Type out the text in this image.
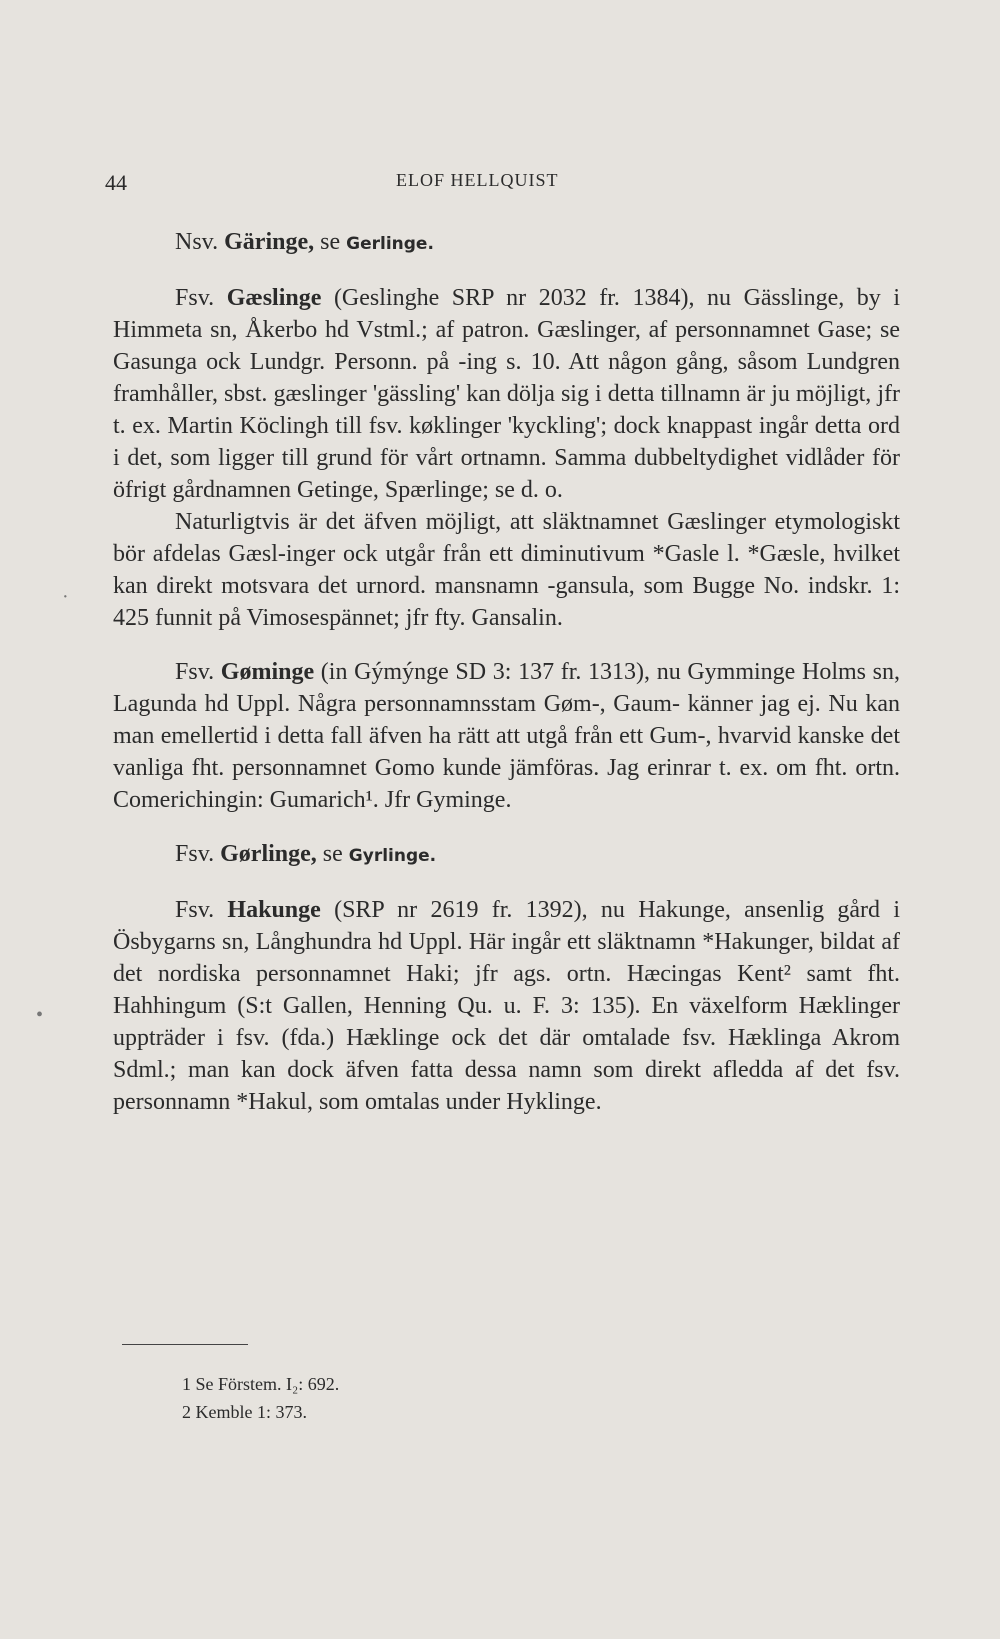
44	ELOF HELLQUIST

Nsv. Gäringe, se Gerlinge.

Fsv. Gæslinge (Geslinghe SRP nr 2032 fr. 1384), nu Gässlinge, by i Himmeta sn, Åkerbo hd Vstml.; af patron. Gæslinger, af personnamnet Gase; se Gasunga ock Lundgr. Personn. på -ing s. 10. Att någon gång, såsom Lundgren framhåller, sbst. gæslinger 'gässling' kan dölja sig i detta tillnamn är ju möjligt, jfr t. ex. Martin Köclingh till fsv. køklinger 'kyckling'; dock knappast ingår detta ord i det, som ligger till grund för vårt ortnamn. Samma dubbeltydighet vidlåder för öfrigt gårdnamnen Getinge, Spærlinge; se d. o.

Naturligtvis är det äfven möjligt, att släktnamnet Gæslinger etymologiskt bör afdelas Gæsl-inger ock utgår från ett diminutivum *Gasle l. *Gæsle, hvilket kan direkt motsvara det urnord. mansnamn -gansula, som Bugge No. indskr. 1: 425 funnit på Vimosespännet; jfr fty. Gansalin.

Fsv. Gøminge (in Gýmýnge SD 3: 137 fr. 1313), nu Gymminge Holms sn, Lagunda hd Uppl. Några personnamnsstam Gøm-, Gaum- känner jag ej. Nu kan man emellertid i detta fall äfven ha rätt att utgå från ett Gum-, hvarvid kanske det vanliga fht. personnamnet Gomo kunde jämföras. Jag erinrar t. ex. om fht. ortn. Comerichingin: Gumarich¹. Jfr Gyminge.

Fsv. Gørlinge, se Gyrlinge.

Fsv. Hakunge (SRP nr 2619 fr. 1392), nu Hakunge, ansenlig gård i Ösbygarns sn, Långhundra hd Uppl. Här ingår ett släktnamn *Hakunger, bildat af det nordiska personnamnet Haki; jfr ags. ortn. Hæcingas Kent² samt fht. Hahhingum (S:t Gallen, Henning Qu. u. F. 3: 135). En växelform Hæklinger uppträder i fsv. (fda.) Hæklinge ock det där omtalade fsv. Hæklinga Akrom Sdml.; man kan dock äfven fatta dessa namn som direkt afledda af det fsv. personnamn *Hakul, som omtalas under Hyklinge.

1 Se Förstem. I₂: 692.
2 Kemble 1: 373.
·
•
